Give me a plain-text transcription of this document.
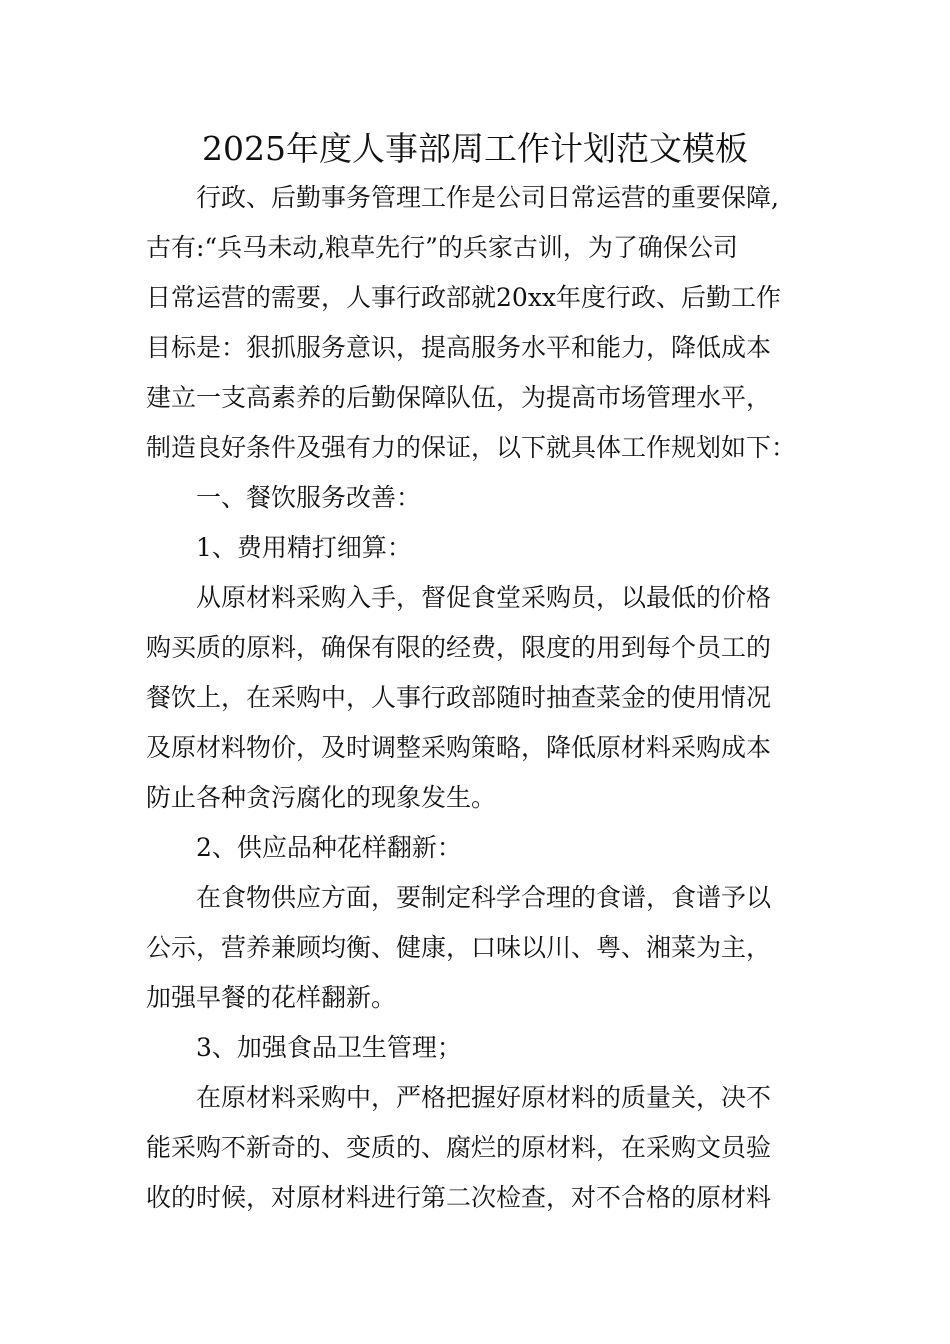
2025年度人事部周工作计划范文模板
行政、后勤事务管理工作是公司日常运营的重要保障,
古有:“兵马未动,粮草先行”的兵家古训，为了确保公司
日常运营的需要，人事行政部就20xx年度行政、后勤工作
目标是：狠抓服务意识，提高服务水平和能力，降低成本
建立一支高素养的后勤保障队伍，为提高市场管理水平，
制造良好条件及强有力的保证，以下就具体工作规划如下：
一、餐饮服务改善：
1、费用精打细算：
从原材料采购入手，督促食堂采购员，以最低的价格
购买质的原料，确保有限的经费，限度的用到每个员工的
餐饮上，在采购中，人事行政部随时抽查菜金的使用情况
及原材料物价，及时调整采购策略，降低原材料采购成本
防止各种贪污腐化的现象发生。
2、供应品种花样翻新：
在食物供应方面，要制定科学合理的食谱，食谱予以
公示，营养兼顾均衡、健康，口味以川、粤、湘菜为主，
加强早餐的花样翻新。
3、加强食品卫生管理；
在原材料采购中，严格把握好原材料的质量关，决不
能采购不新奇的、变质的、腐烂的原材料，在采购文员验
收的时候，对原材料进行第二次检查，对不合格的原材料
